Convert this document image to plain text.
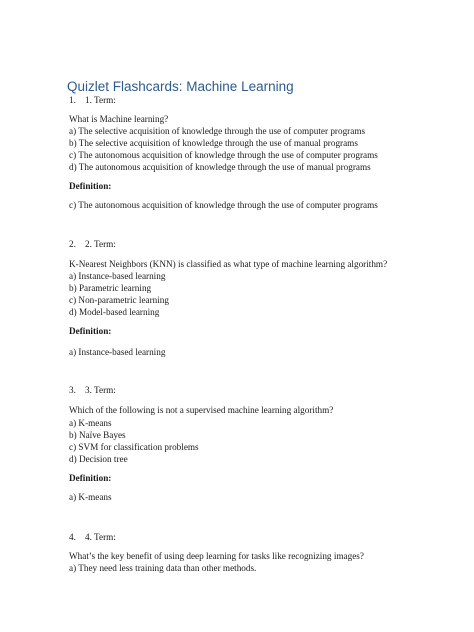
Quizlet Flashcards: Machine Learning
1. 1. Term:
What is Machine learning?
a) The selective acquisition of knowledge through the use of computer programs
b) The selective acquisition of knowledge through the use of manual programs
c) The autonomous acquisition of knowledge through the use of computer programs
d) The autonomous acquisition of knowledge through the use of manual programs
Definition:
c) The autonomous acquisition of knowledge through the use of computer programs
2. 2. Term:
K-Nearest Neighbors (KNN) is classified as what type of machine learning algorithm?
a) Instance-based learning
b) Parametric learning
c) Non-parametric learning
d) Model-based learning
Definition:
a) Instance-based learning
3. 3. Term:
Which of the following is not a supervised machine learning algorithm?
a) K-means
b) Naïve Bayes
c) SVM for classification problems
d) Decision tree
Definition:
a) K-means
4. 4. Term:
What’s the key benefit of using deep learning for tasks like recognizing images?
a) They need less training data than other methods.
